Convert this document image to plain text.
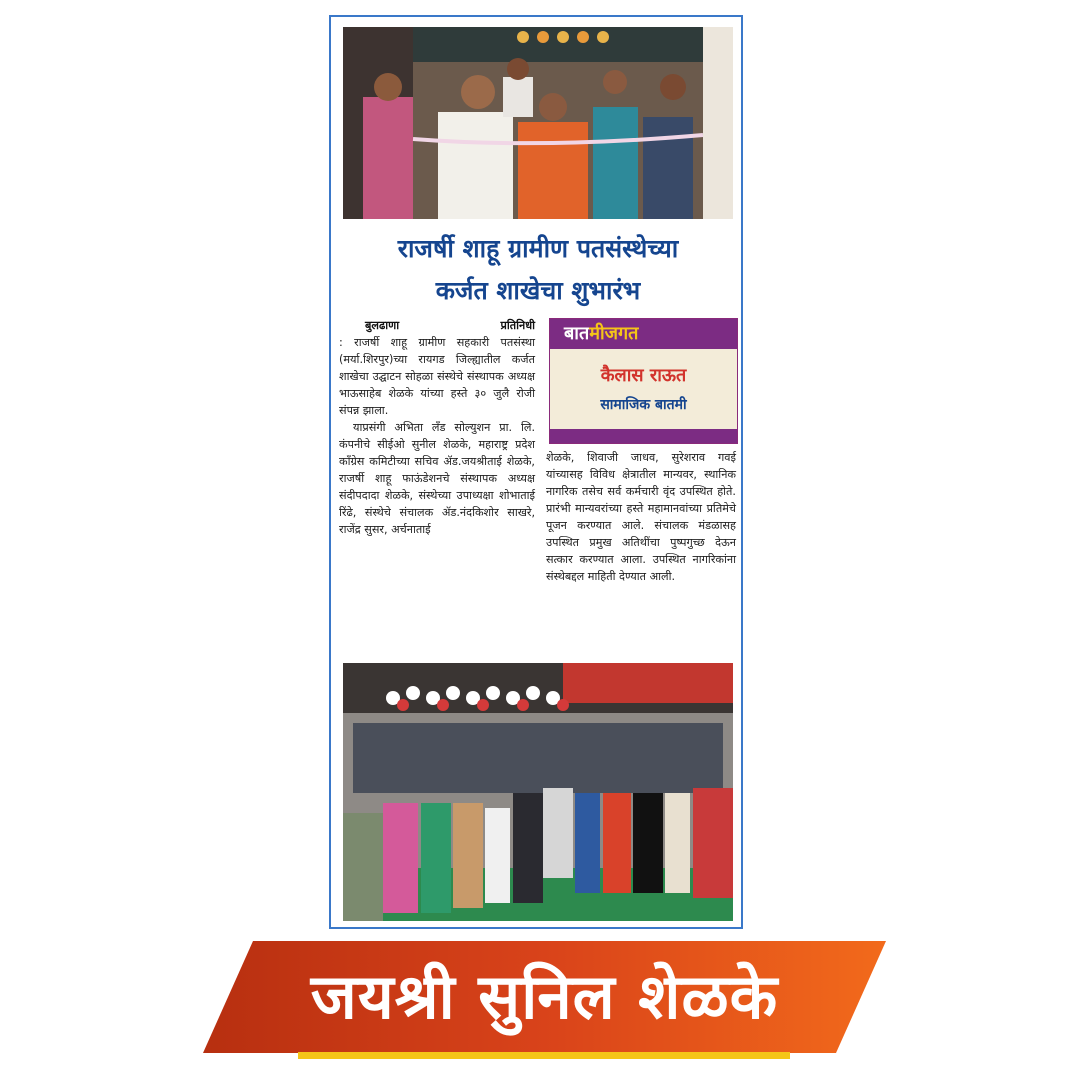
राजर्षी शाहू ग्रामीण पतसंस्थेच्या
कर्जत शाखेचा शुभारंभ
बुलढाणा	प्रतिनिधी

: राजर्षी शाहू ग्रामीण सहकारी पतसंस्था (मर्या.शिरपुर)च्या रायगड जिल्ह्यातील कर्जत शाखेचा उद्घाटन सोहळा संस्थेचे संस्थापक अध्यक्ष भाऊसाहेब शेळके यांच्या हस्ते ३० जुलै रोजी संपन्न झाला.

याप्रसंगी अभिता लँड सोल्युशन प्रा. लि. कंपनीचे सीईओ सुनील शेळके, महाराष्ट्र प्रदेश काँग्रेस कमिटीच्या सचिव ॲड.जयश्रीताई शेळके, राजर्षी शाहू फाऊंडेशनचे संस्थापक अध्यक्ष संदीपदादा शेळके, संस्थेच्या उपाध्यक्षा शोभाताई रिंढे, संस्थेचे संचालक ॲड.नंदकिशोर साखरे, राजेंद्र सुसर, अर्चनाताई

बातमीजगत
कैलास राऊत
सामाजिक बातमी

शेळके, शिवाजी जाधव, सुरेशराव गवई यांच्यासह विविध क्षेत्रातील मान्यवर, स्थानिक नागरिक तसेच सर्व कर्मचारी वृंद उपस्थित होते. प्रारंभी मान्यवरांच्या हस्ते महामानवांच्या प्रतिमेचे पूजन करण्यात आले. संचालक मंडळासह उपस्थित प्रमुख अतिथींचा पुष्पगुच्छ देऊन सत्कार करण्यात आला. उपस्थित नागरिकांना संस्थेबद्दल माहिती देण्यात आली.

जयश्री सुनिल शेळके
